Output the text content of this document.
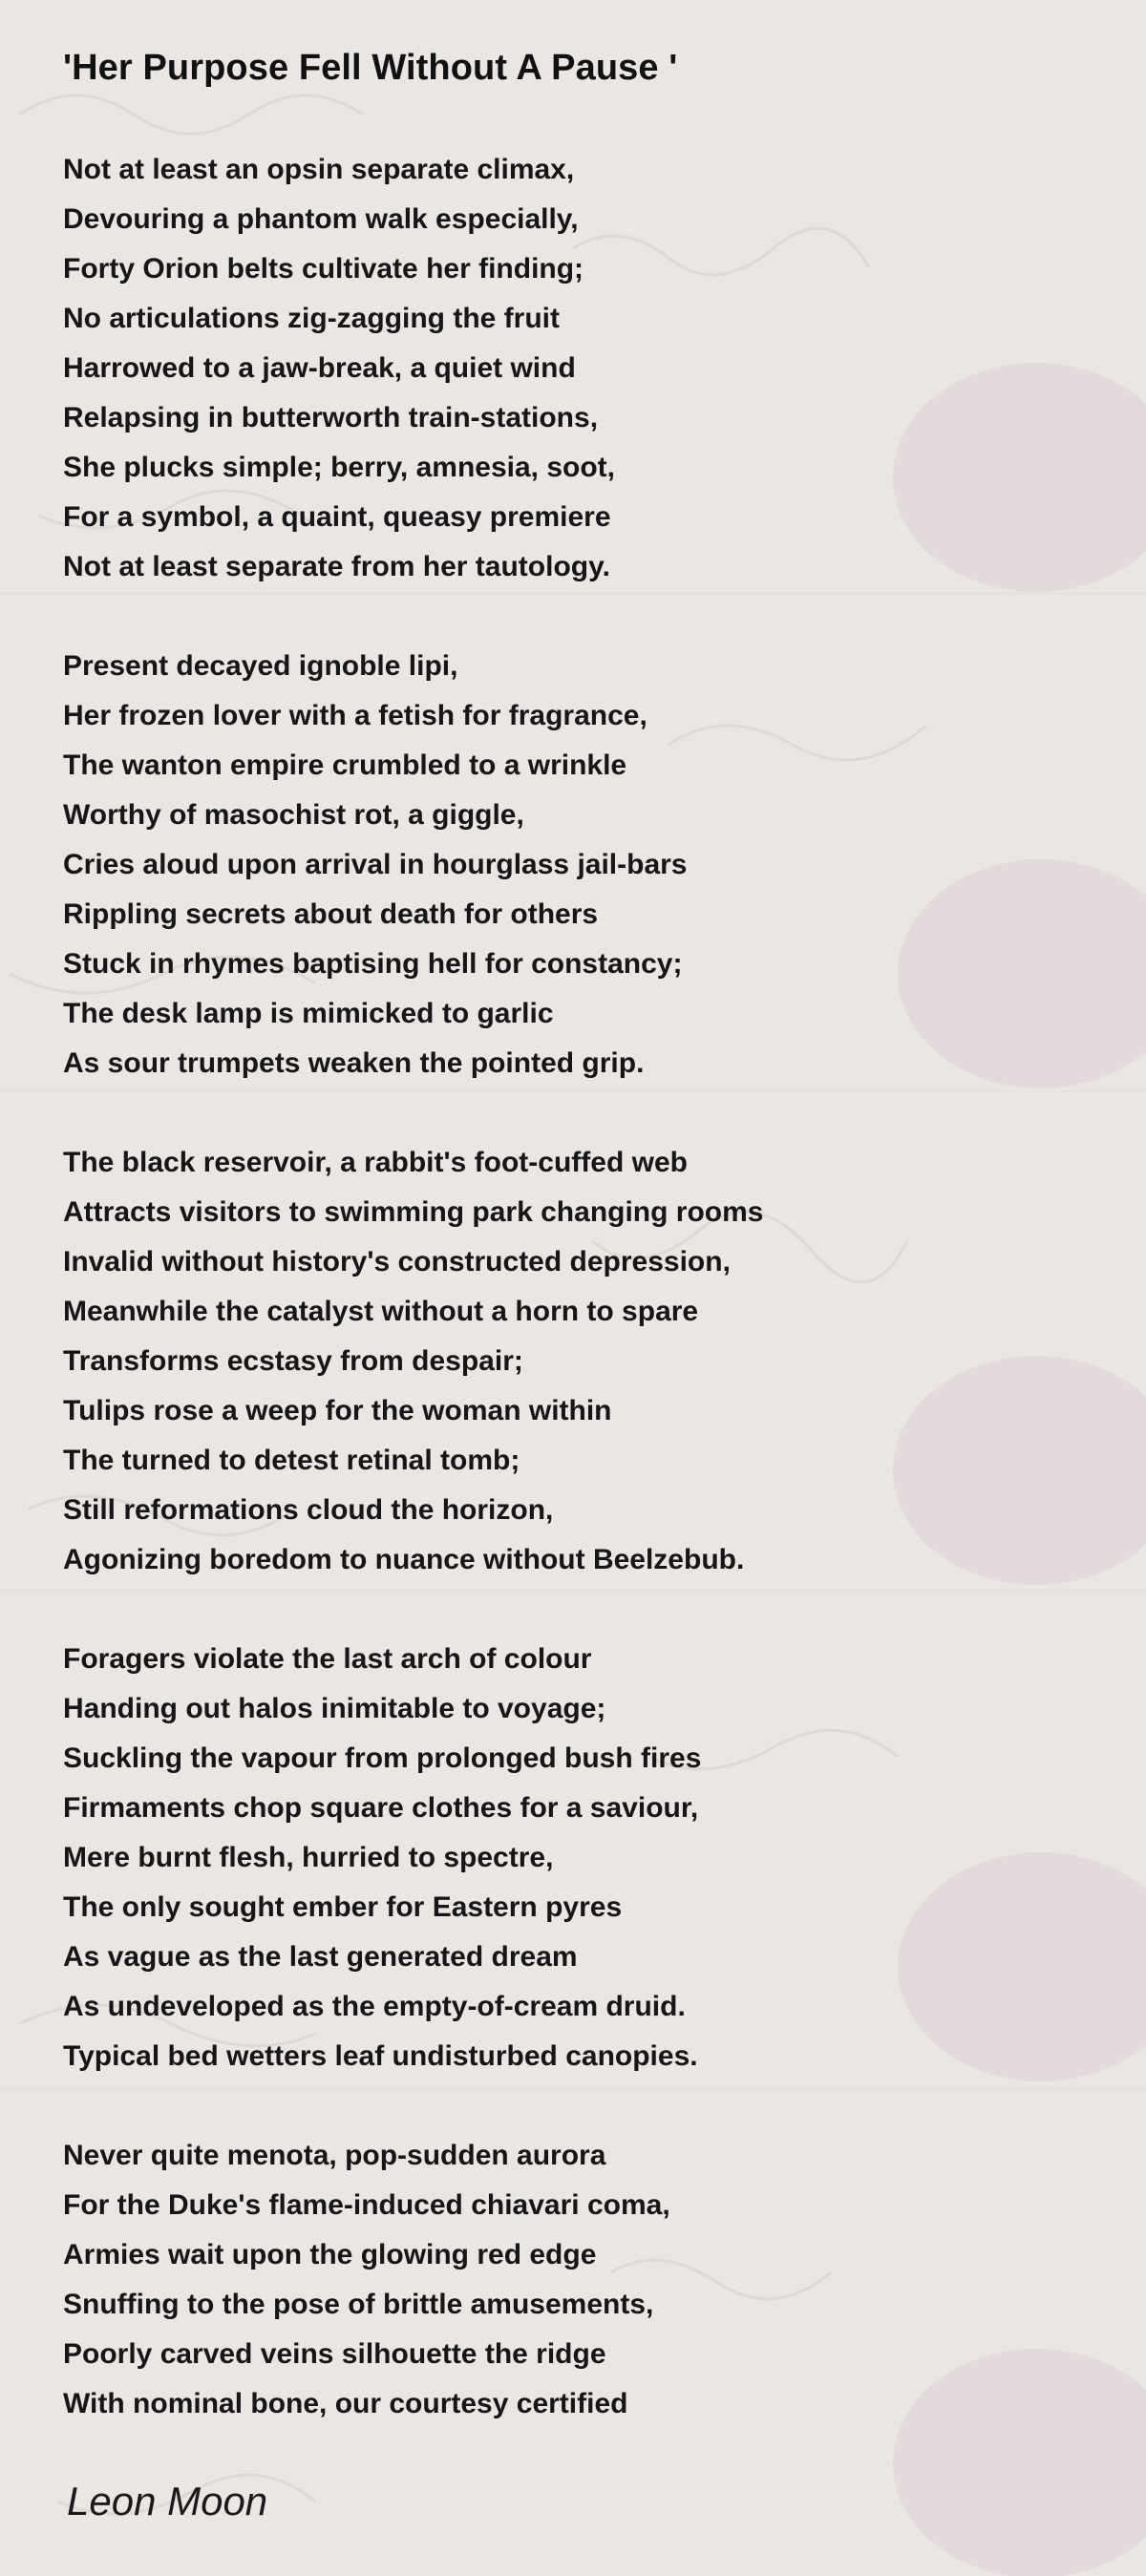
'Her Purpose Fell Without A Pause '
Not at least an opsin separate climax,
Devouring a phantom walk especially,
Forty Orion belts cultivate her finding;
No articulations zig-zagging the fruit
Harrowed to a jaw-break, a quiet wind
Relapsing in butterworth train-stations,
She plucks simple; berry, amnesia, soot,
For a symbol, a quaint, queasy premiere
Not at least separate from her tautology.
Present decayed ignoble lipi,
Her frozen lover with a fetish for fragrance,
The wanton empire crumbled to a wrinkle
Worthy of masochist rot, a giggle,
Cries aloud upon arrival in hourglass jail-bars
Rippling secrets about death for others
Stuck in rhymes baptising hell for constancy;
The desk lamp is mimicked to garlic
As sour trumpets weaken the pointed grip.
The black reservoir, a rabbit's foot-cuffed web
Attracts visitors to swimming park changing rooms
Invalid without history's constructed depression,
Meanwhile the catalyst without a horn to spare
Transforms ecstasy from despair;
Tulips rose a weep for the woman within
The turned to detest retinal tomb;
Still reformations cloud the horizon,
Agonizing boredom to nuance without Beelzebub.
Foragers violate the last arch of colour
Handing out halos inimitable to voyage;
Suckling the vapour from prolonged bush fires
Firmaments chop square clothes for a saviour,
Mere burnt flesh, hurried to spectre,
The only sought ember for Eastern pyres
As vague as the last generated dream
As undeveloped as the empty-of-cream druid.
Typical bed wetters leaf undisturbed canopies.
Never quite menota, pop-sudden aurora
For the Duke's flame-induced chiavari coma,
Armies wait upon the glowing red edge
Snuffing to the pose of brittle amusements,
Poorly carved veins silhouette the ridge
With nominal bone, our courtesy certified
Leon Moon
